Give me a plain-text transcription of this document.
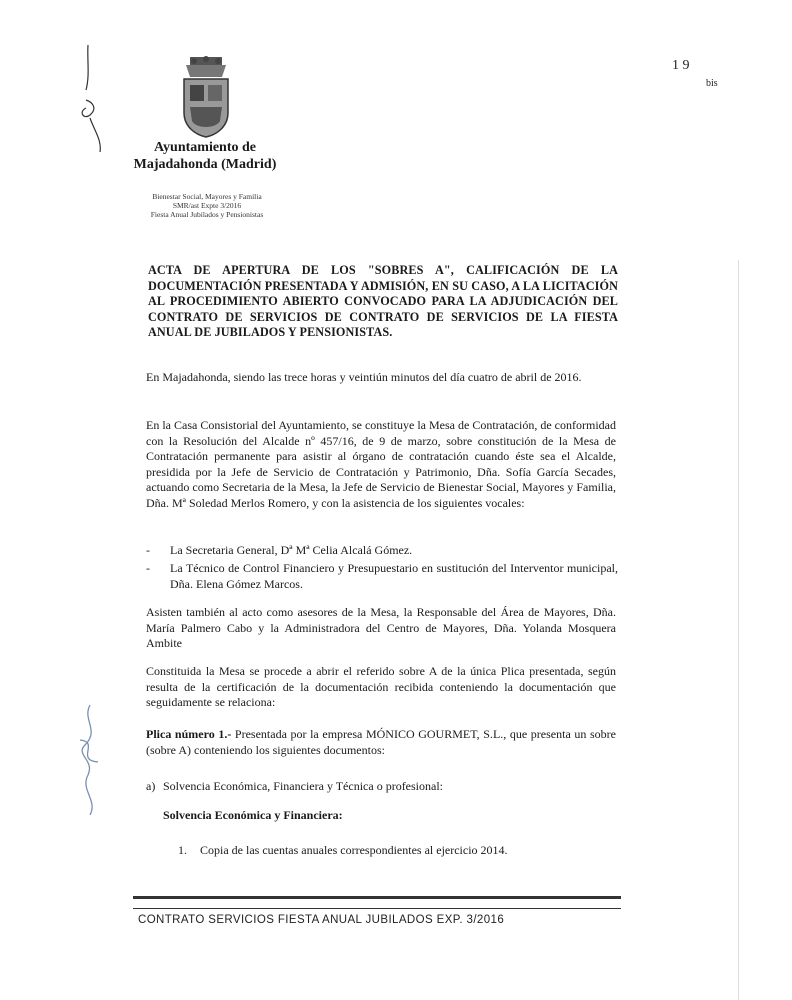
Ayuntamiento de Majadahonda (Madrid)
Bienestar Social, Mayores y Familia
SMR/ast Expte 3/2016
Fiesta Anual Jubilados y Pensionistas
1 9
bis
ACTA DE APERTURA DE LOS "SOBRES A", CALIFICACIÓN DE LA DOCUMENTACIÓN PRESENTADA Y ADMISIÓN, EN SU CASO, A LA LICITACIÓN AL PROCEDIMIENTO ABIERTO CONVOCADO PARA LA ADJUDICACIÓN DEL CONTRATO DE SERVICIOS DE CONTRATO DE SERVICIOS DE LA FIESTA ANUAL DE JUBILADOS Y PENSIONISTAS.

En Majadahonda, siendo las trece horas y veintiún minutos del día cuatro de abril de 2016.

En la Casa Consistorial del Ayuntamiento, se constituye la Mesa de Contratación, de conformidad con la Resolución del Alcalde nº 457/16, de 9 de marzo, sobre constitución de la Mesa de Contratación permanente para asistir al órgano de contratación cuando éste sea el Alcalde, presidida por la Jefe de Servicio de Contratación y Patrimonio, Dña. Sofía García Secades, actuando como Secretaria de la Mesa, la Jefe de Servicio de Bienestar Social, Mayores y Familia, Dña. Mª Soledad Merlos Romero, y con la asistencia de los siguientes vocales:

- La Secretaria General, Dª Mª Celia Alcalá Gómez.
- La Técnico de Control Financiero y Presupuestario en sustitución del Interventor municipal, Dña. Elena Gómez Marcos.

Asisten también al acto como asesores de la Mesa, la Responsable del Área de Mayores, Dña. María Palmero Cabo y la Administradora del Centro de Mayores, Dña. Yolanda Mosquera Ambite

Constituida la Mesa se procede a abrir el referido sobre A de la única Plica presentada, según resulta de la certificación de la documentación recibida conteniendo la documentación que seguidamente se relaciona:

Plica número 1.- Presentada por la empresa MÓNICO GOURMET, S.L., que presenta un sobre (sobre A) conteniendo los siguientes documentos:

a) Solvencia Económica, Financiera y Técnica o profesional:
Solvencia Económica y Financiera:
1. Copia de las cuentas anuales correspondientes al ejercicio 2014.
CONTRATO SERVICIOS FIESTA ANUAL JUBILADOS EXP. 3/2016
